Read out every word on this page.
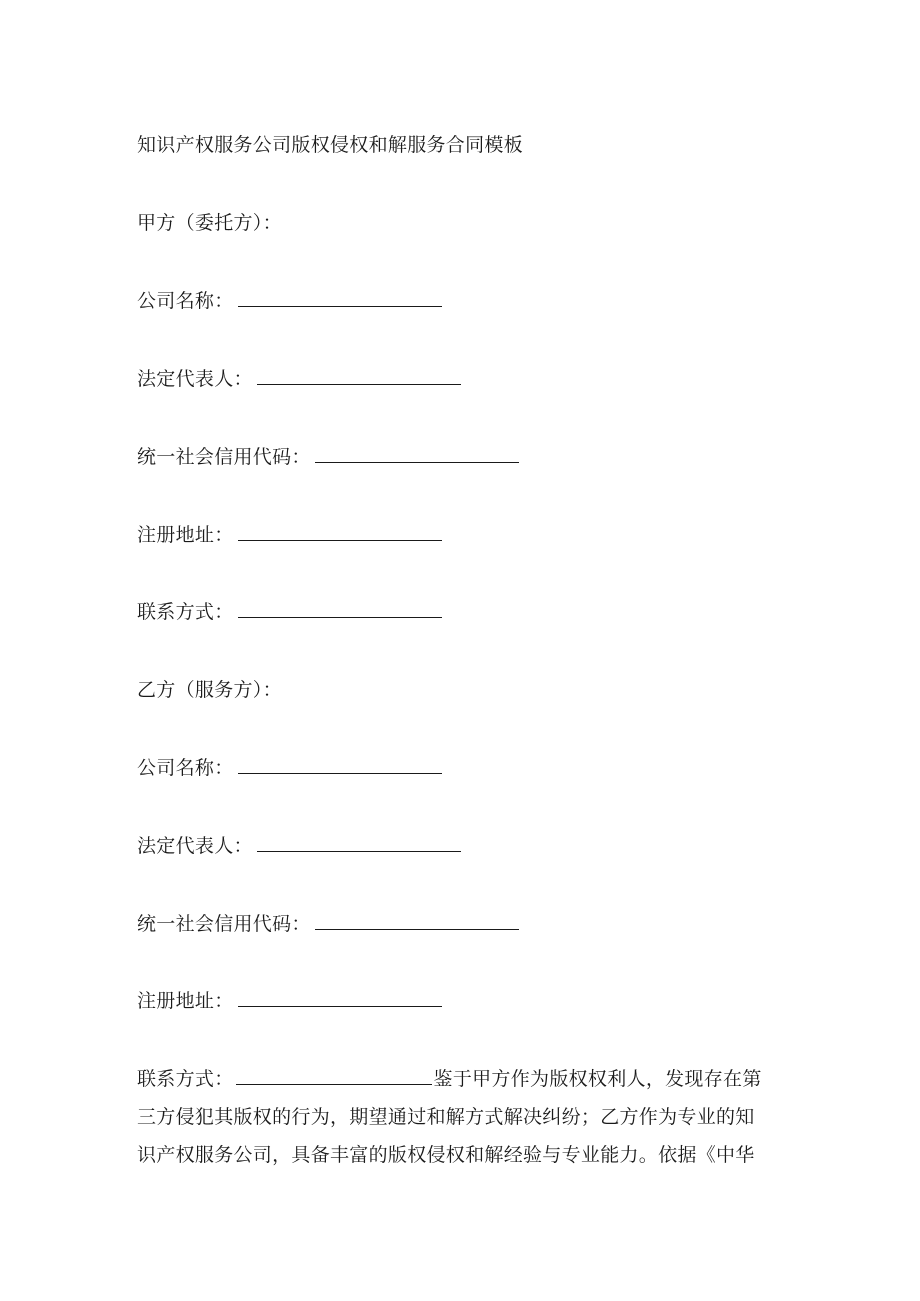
知识产权服务公司版权侵权和解服务合同模板
甲方（委托方）：
公司名称：
法定代表人：
统一社会信用代码：
注册地址：
联系方式：
乙方（服务方）：
公司名称：
法定代表人：
统一社会信用代码：
注册地址：
联系方式：	鉴于甲方作为版权权利人，发现存在第
三方侵犯其版权的行为，期望通过和解方式解决纠纷；乙方作为专业的知
识产权服务公司，具备丰富的版权侵权和解经验与专业能力。依据《中华
